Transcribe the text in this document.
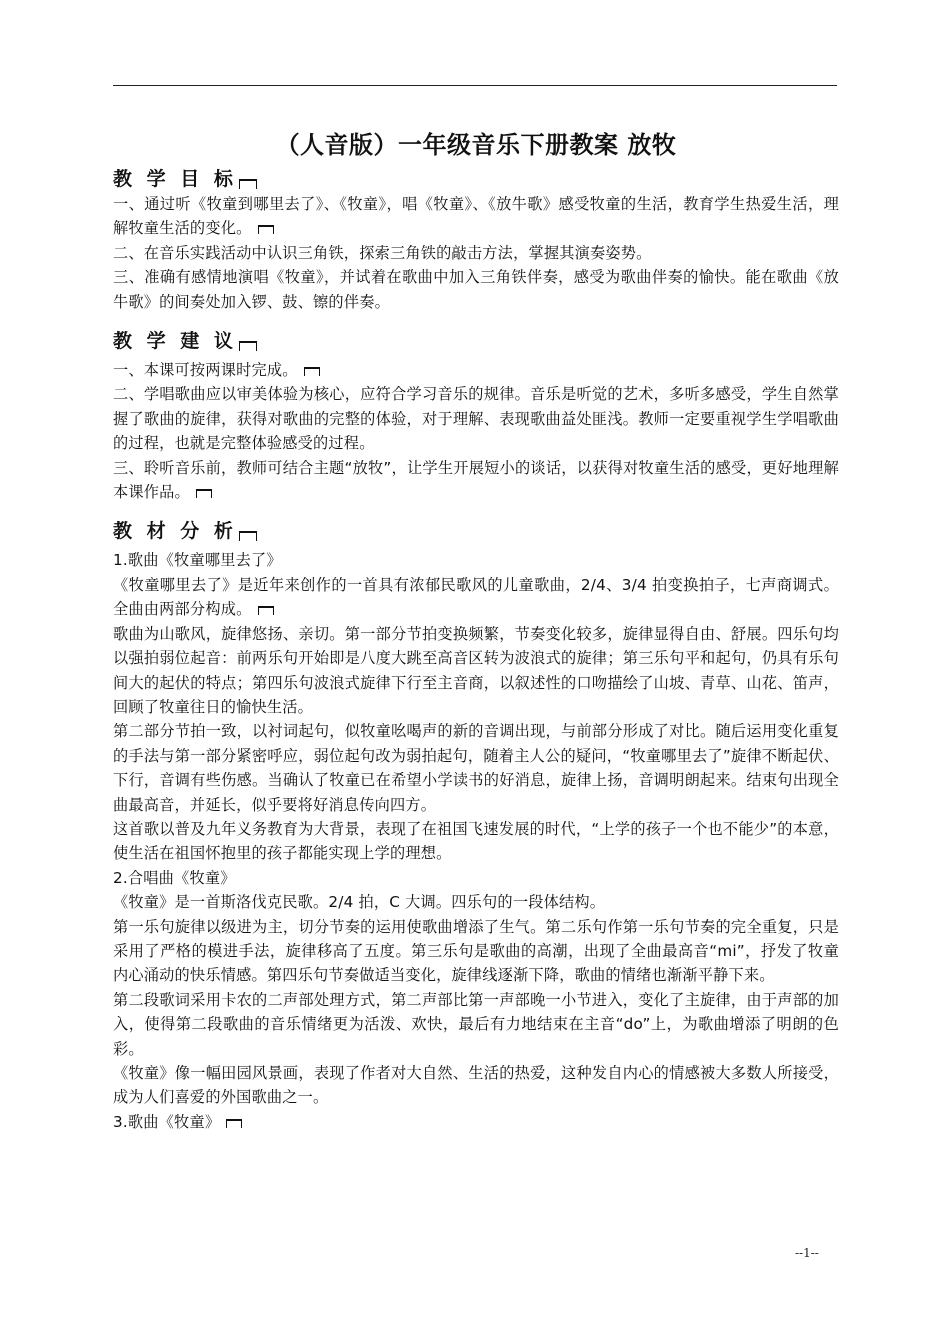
（人音版）一年级音乐下册教案 放牧

教 学 目 标

一、通过听《牧童到哪里去了》、《牧童》，唱《牧童》、《放牛歌》感受牧童的生活，教育学生热爱生活，理解牧童生活的变化。

二、在音乐实践活动中认识三角铁，探索三角铁的敲击方法，掌握其演奏姿势。

三、准确有感情地演唱《牧童》，并试着在歌曲中加入三角铁伴奏，感受为歌曲伴奏的愉快。能在歌曲《放牛歌》的间奏处加入锣、鼓、镲的伴奏。

教 学 建 议

一、本课可按两课时完成。

二、学唱歌曲应以审美体验为核心，应符合学习音乐的规律。音乐是听觉的艺术，多听多感受，学生自然掌握了歌曲的旋律，获得对歌曲的完整的体验，对于理解、表现歌曲益处匪浅。教师一定要重视学生学唱歌曲的过程，也就是完整体验感受的过程。

三、聆听音乐前，教师可结合主题“放牧”，让学生开展短小的谈话，以获得对牧童生活的感受，更好地理解本课作品。

教 材 分 析

1.歌曲《牧童哪里去了》

《牧童哪里去了》是近年来创作的一首具有浓郁民歌风的儿童歌曲，2/4、3/4 拍变换拍子，七声商调式。全曲由两部分构成。

歌曲为山歌风，旋律悠扬、亲切。第一部分节拍变换频繁，节奏变化较多，旋律显得自由、舒展。四乐句均以强拍弱位起音：前两乐句开始即是八度大跳至高音区转为波浪式的旋律；第三乐句平和起句，仍具有乐句间大的起伏的特点；第四乐句波浪式旋律下行至主音商，以叙述性的口吻描绘了山坡、青草、山花、笛声，回顾了牧童往日的愉快生活。

第二部分节拍一致，以衬词起句，似牧童吆喝声的新的音调出现，与前部分形成了对比。随后运用变化重复的手法与第一部分紧密呼应，弱位起句改为弱拍起句，随着主人公的疑问，“牧童哪里去了”旋律不断起伏、下行，音调有些伤感。当确认了牧童已在希望小学读书的好消息，旋律上扬，音调明朗起来。结束句出现全曲最高音，并延长，似乎要将好消息传向四方。

这首歌以普及九年义务教育为大背景，表现了在祖国飞速发展的时代，“上学的孩子一个也不能少”的本意，使生活在祖国怀抱里的孩子都能实现上学的理想。

2.合唱曲《牧童》

《牧童》是一首斯洛伐克民歌。2/4 拍，C 大调。四乐句的一段体结构。

第一乐句旋律以级进为主，切分节奏的运用使歌曲增添了生气。第二乐句作第一乐句节奏的完全重复，只是采用了严格的模进手法，旋律移高了五度。第三乐句是歌曲的高潮，出现了全曲最高音“mi”，抒发了牧童内心涌动的快乐情感。第四乐句节奏做适当变化，旋律线逐渐下降，歌曲的情绪也渐渐平静下来。

第二段歌词采用卡农的二声部处理方式，第二声部比第一声部晚一小节进入，变化了主旋律，由于声部的加入，使得第二段歌曲的音乐情绪更为活泼、欢快，最后有力地结束在主音“do”上，为歌曲增添了明朗的色彩。

《牧童》像一幅田园风景画，表现了作者对大自然、生活的热爱，这种发自内心的情感被大多数人所接受，成为人们喜爱的外国歌曲之一。

3.歌曲《牧童》

--1--
